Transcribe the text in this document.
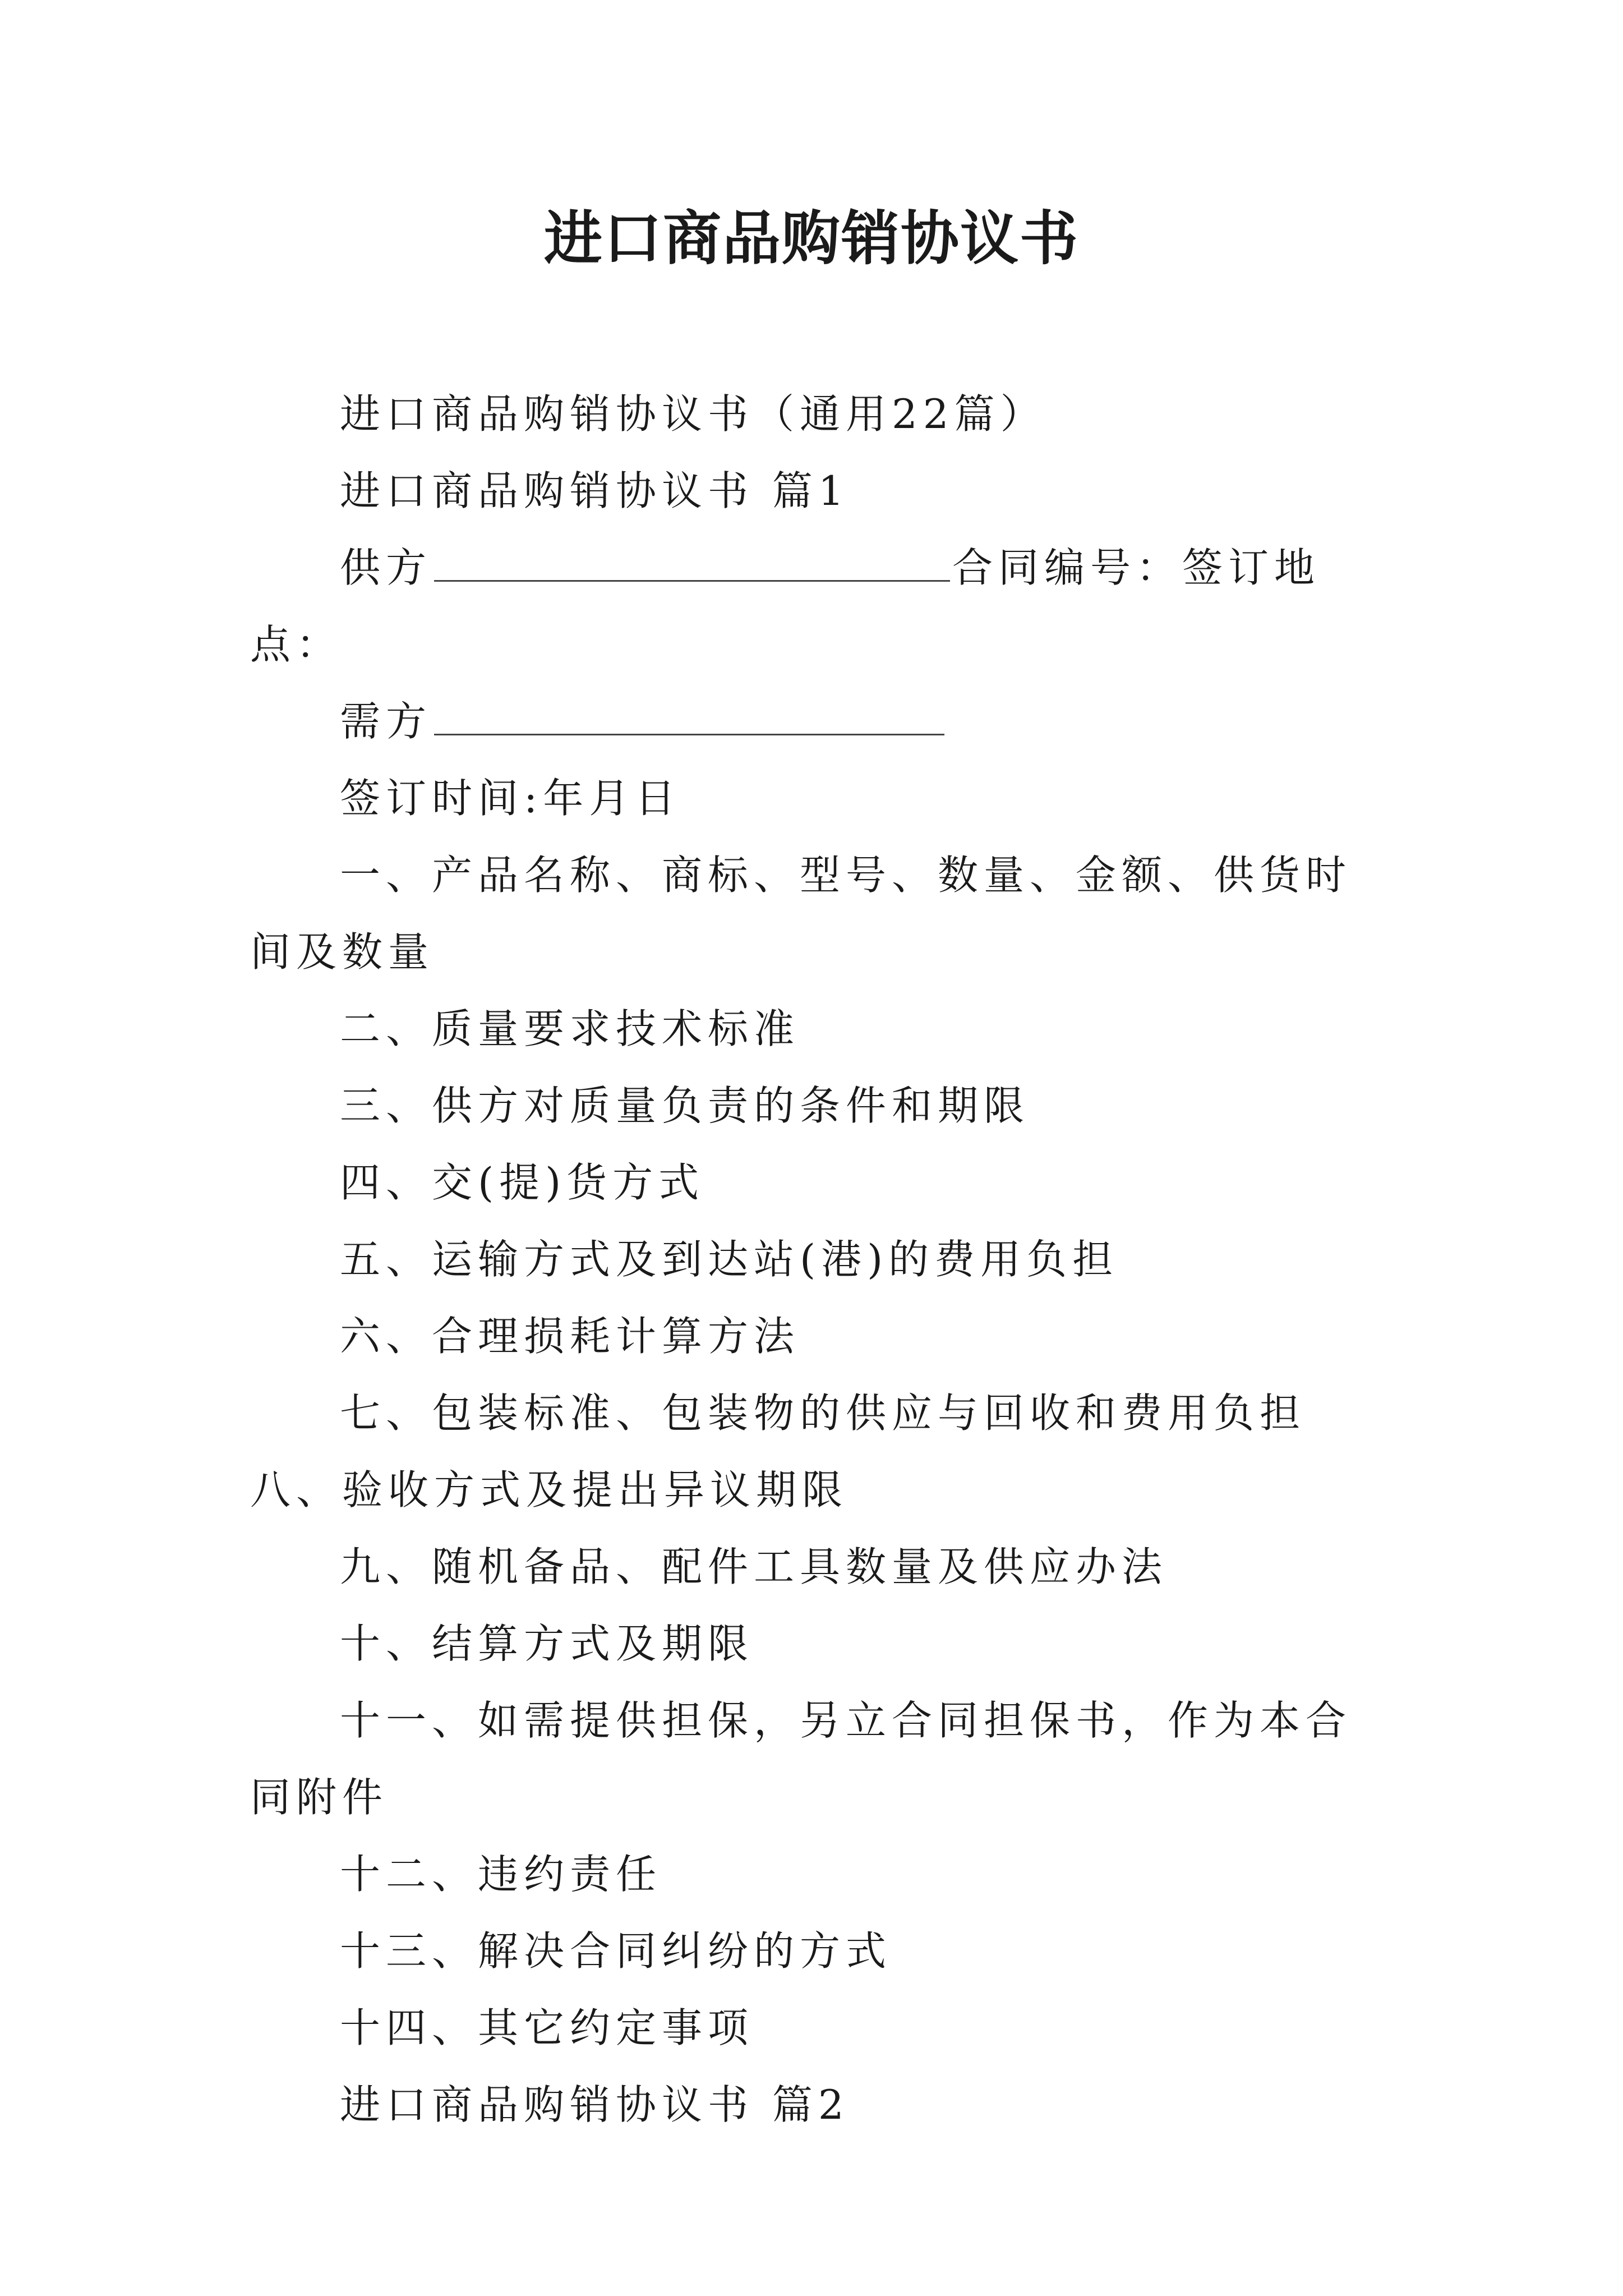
进口商品购销协议书

进口商品购销协议书（通用22篇）

进口商品购销协议书 篇1

供方	合同编号：签订地点：

需方

签订时间:年月日

一、产品名称、商标、型号、数量、金额、供货时间及数量

二、质量要求技术标准

三、供方对质量负责的条件和期限

四、交(提)货方式

五、运输方式及到达站(港)的费用负担

六、合理损耗计算方法

七、包装标准、包装物的供应与回收和费用负担八、验收方式及提出异议期限

九、随机备品、配件工具数量及供应办法

十、结算方式及期限

十一、如需提供担保，另立合同担保书，作为本合同附件

十二、违约责任

十三、解决合同纠纷的方式

十四、其它约定事项

进口商品购销协议书 篇2
